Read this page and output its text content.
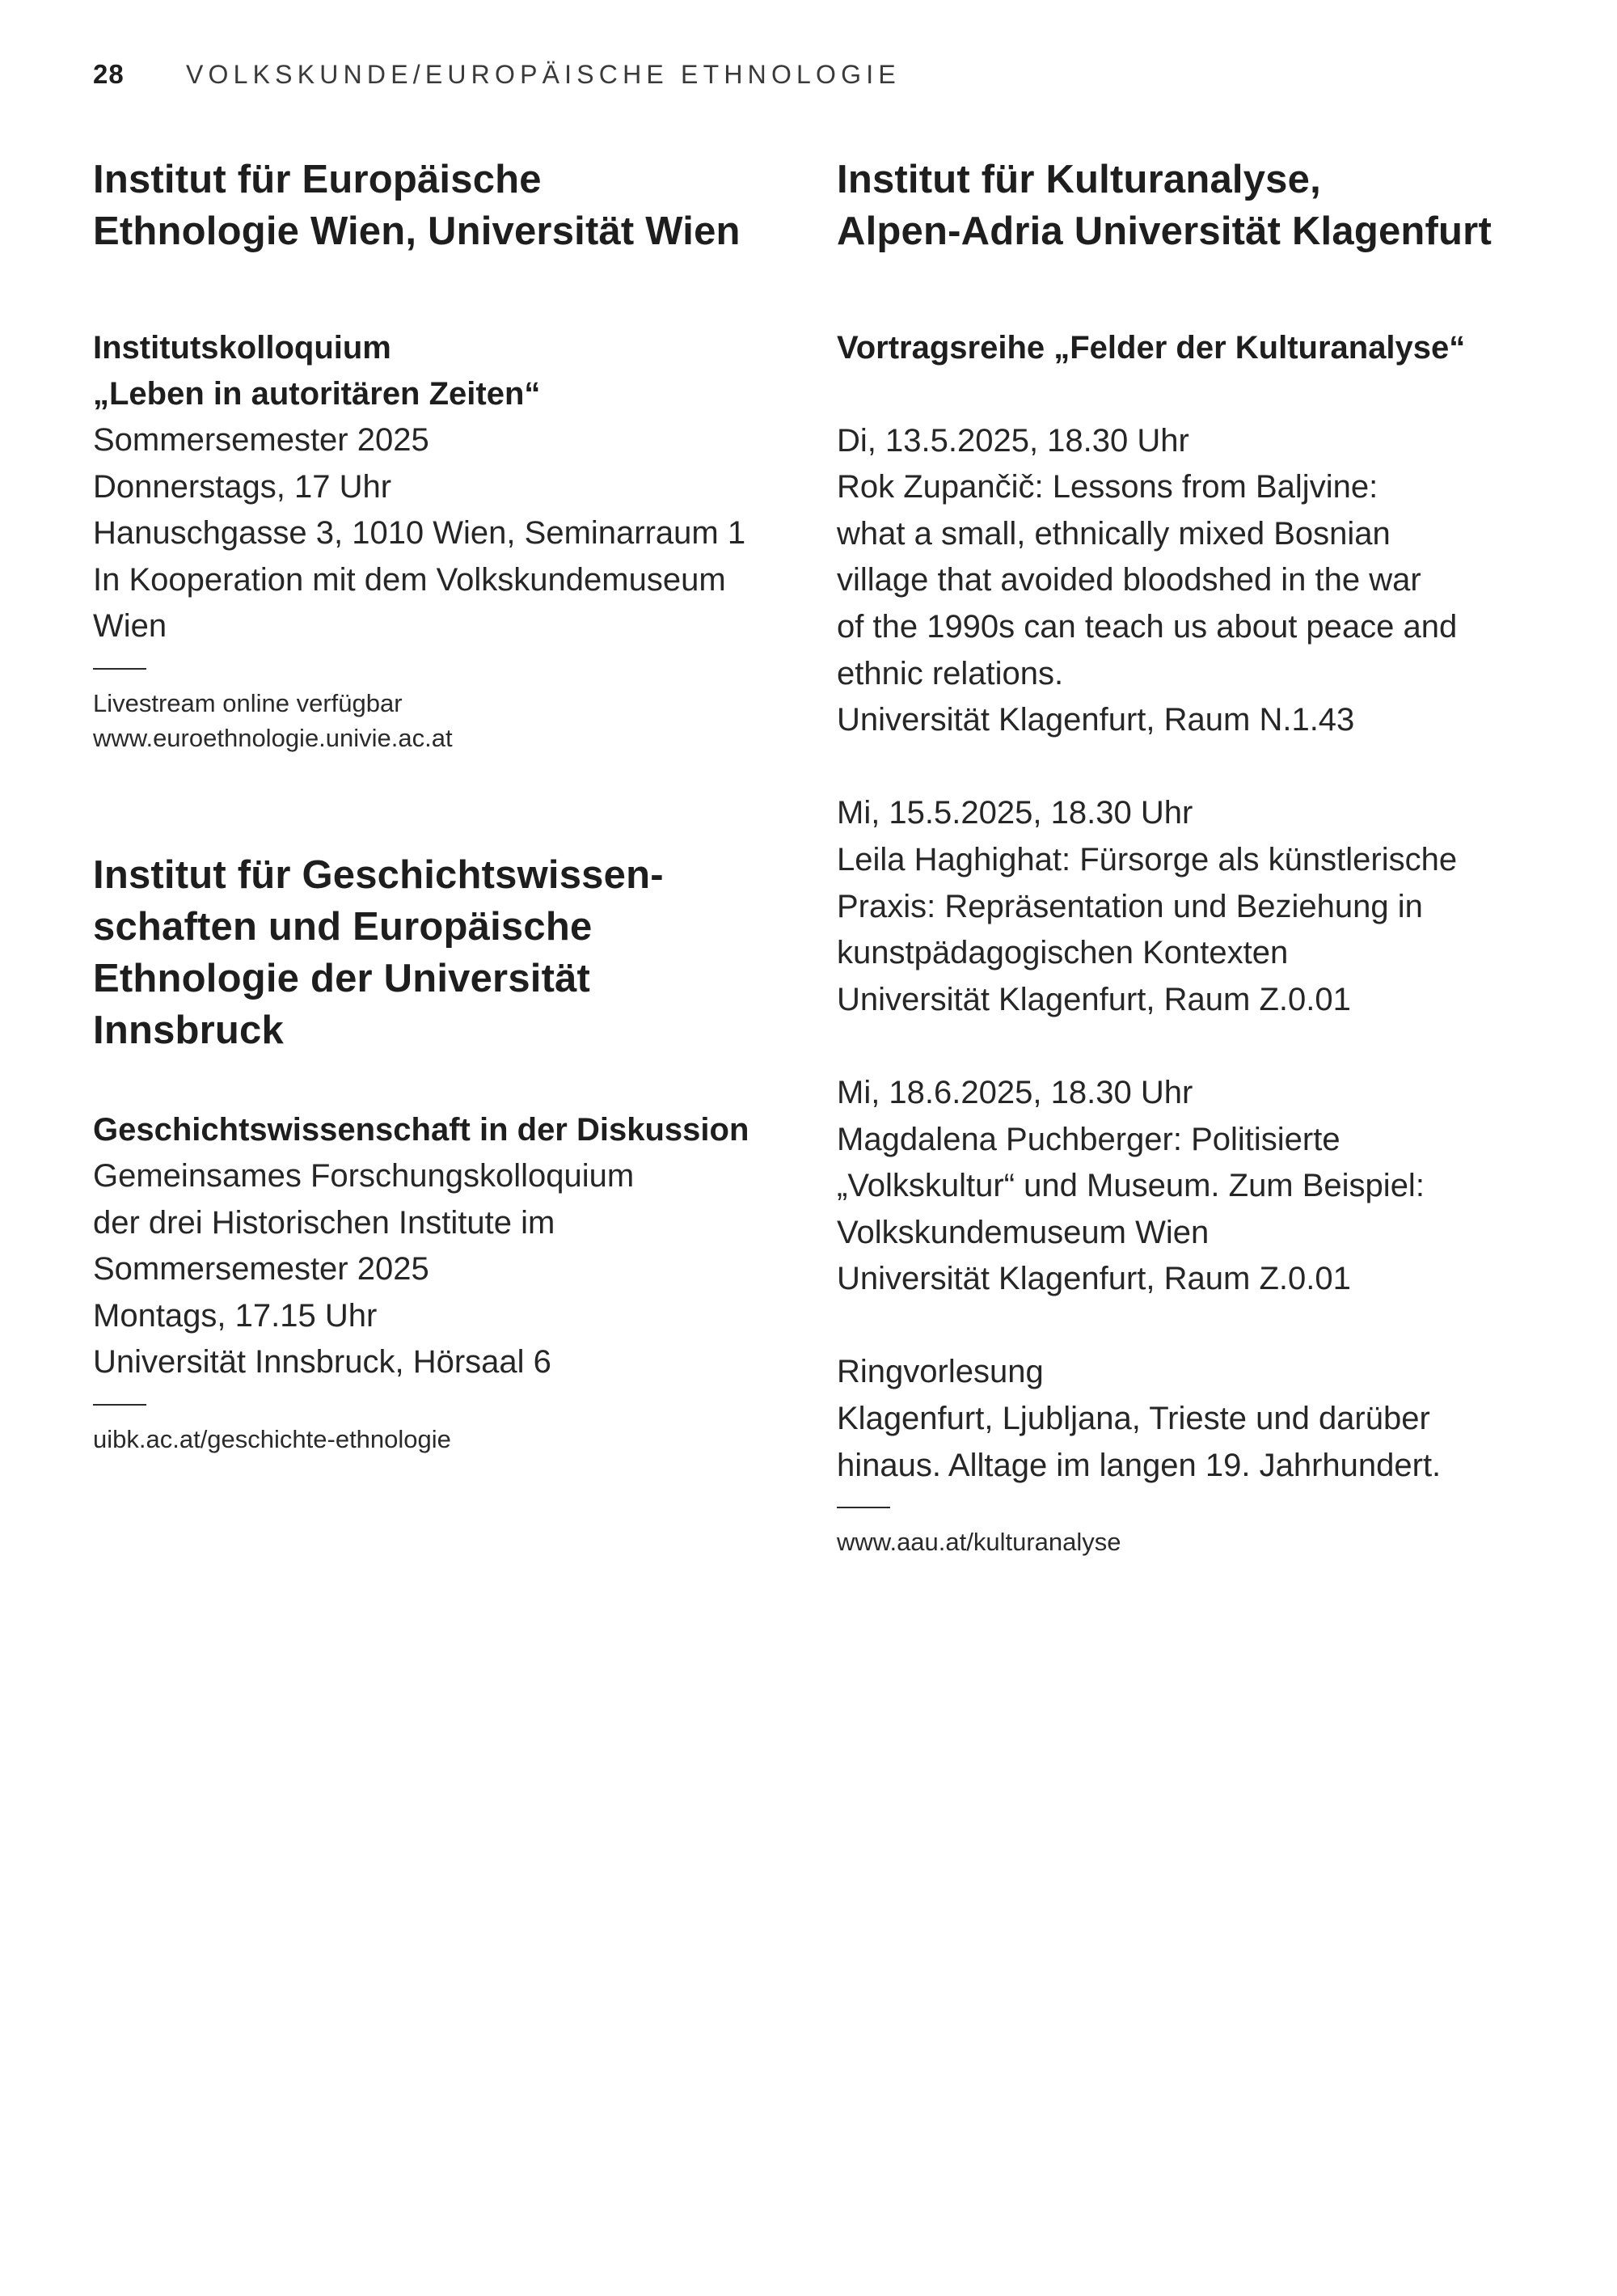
28	VOLKSKUNDE/EUROPÄISCHE ETHNOLOGIE

Institut für Europäische

Ethnologie Wien, Universität Wien

Institutskolloquium

„Leben in autoritären Zeiten“

Sommersemester 2025

Donnerstags, 17 Uhr

Hanuschgasse 3, 1010 Wien, Seminarraum 1

In Kooperation mit dem Volkskundemuseum

Wien

Livestream online verfügbar

www.euroethnologie.univie.ac.at

Institut für Geschichtswissen-

schaften und Europäische

Ethnologie der Universität

Innsbruck

Geschichtswissenschaft in der Diskussion

Gemeinsames Forschungskolloquium

der drei Historischen Institute im

Sommersemester 2025

Montags, 17.15 Uhr

Universität Innsbruck, Hörsaal 6

uibk.ac.at/geschichte-ethnologie

Institut für Kulturanalyse,

Alpen-Adria Universität Klagenfurt

Vortragsreihe „Felder der Kulturanalyse“

Di, 13.5.2025, 18.30 Uhr

Rok Zupančič: Lessons from Baljvine:

what a small, ethnically mixed Bosnian

village that avoided bloodshed in the war

of the 1990s can teach us about peace and

ethnic relations.

Universität Klagenfurt, Raum N.1.43

Mi, 15.5.2025, 18.30 Uhr

Leila Haghighat: Fürsorge als künstlerische

Praxis: Repräsentation und Beziehung in

kunstpädagogischen Kontexten

Universität Klagenfurt, Raum Z.0.01

Mi, 18.6.2025, 18.30 Uhr

Magdalena Puchberger: Politisierte

„Volkskultur“ und Museum. Zum Beispiel:

Volkskundemuseum Wien

Universität Klagenfurt, Raum Z.0.01

Ringvorlesung

Klagenfurt, Ljubljana, Trieste und darüber

hinaus. Alltage im langen 19. Jahrhundert.

www.aau.at/kulturanalyse
